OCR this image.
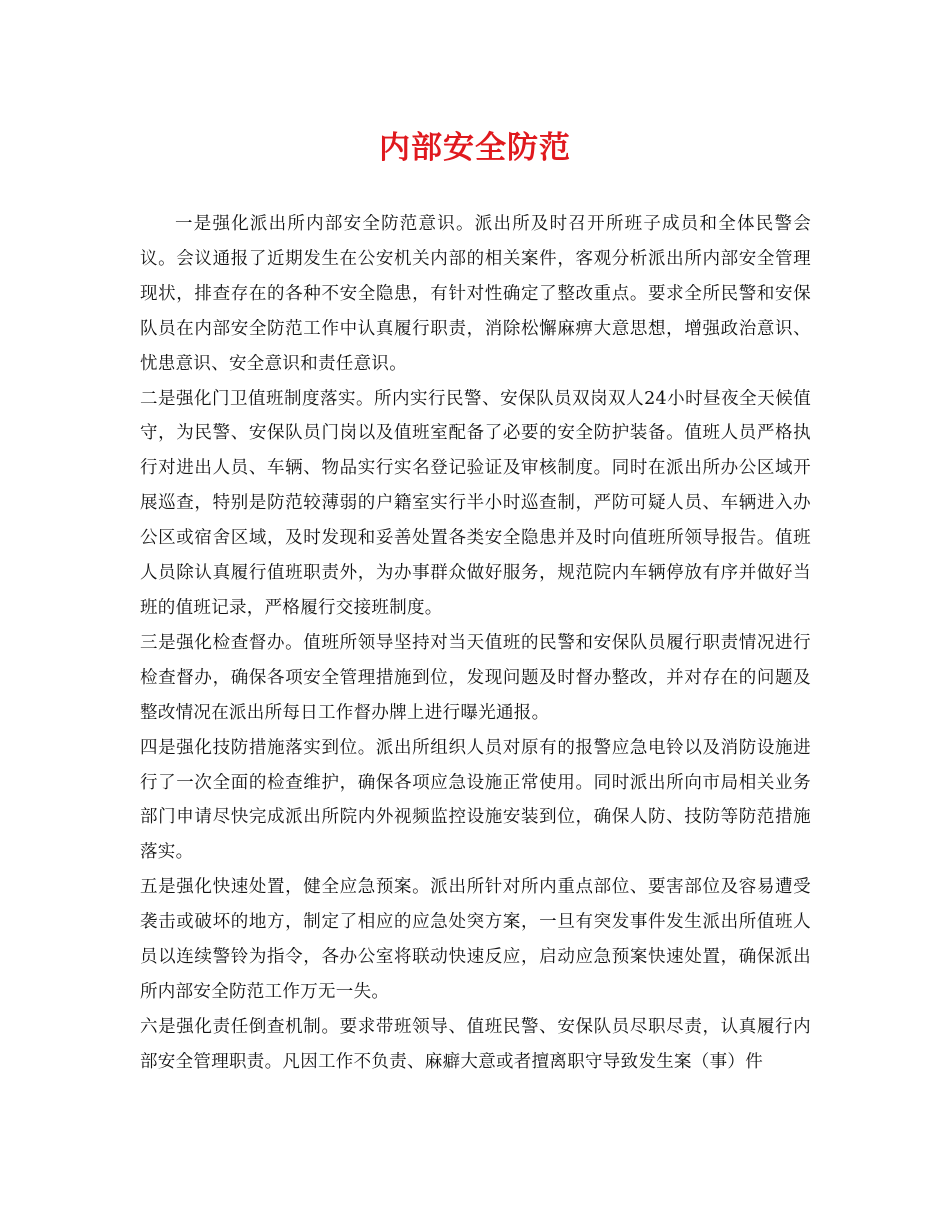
内部安全防范

一是强化派出所内部安全防范意识。派出所及时召开所班子成员和全体民警会议。会议通报了近期发生在公安机关内部的相关案件，客观分析派出所内部安全管理现状，排查存在的各种不安全隐患，有针对性确定了整改重点。要求全所民警和安保队员在内部安全防范工作中认真履行职责，消除松懈麻痹大意思想，增强政治意识、忧患意识、安全意识和责任意识。

二是强化门卫值班制度落实。所内实行民警、安保队员双岗双人24小时昼夜全天候值守，为民警、安保队员门岗以及值班室配备了必要的安全防护装备。值班人员严格执行对进出人员、车辆、物品实行实名登记验证及审核制度。同时在派出所办公区域开展巡查，特别是防范较薄弱的户籍室实行半小时巡查制，严防可疑人员、车辆进入办公区或宿舍区域，及时发现和妥善处置各类安全隐患并及时向值班所领导报告。值班人员除认真履行值班职责外，为办事群众做好服务，规范院内车辆停放有序并做好当班的值班记录，严格履行交接班制度。

三是强化检查督办。值班所领导坚持对当天值班的民警和安保队员履行职责情况进行检查督办，确保各项安全管理措施到位，发现问题及时督办整改，并对存在的问题及整改情况在派出所每日工作督办牌上进行曝光通报。

四是强化技防措施落实到位。派出所组织人员对原有的报警应急电铃以及消防设施进行了一次全面的检查维护，确保各项应急设施正常使用。同时派出所向市局相关业务部门申请尽快完成派出所院内外视频监控设施安装到位，确保人防、技防等防范措施落实。

五是强化快速处置，健全应急预案。派出所针对所内重点部位、要害部位及容易遭受袭击或破坏的地方，制定了相应的应急处突方案，一旦有突发事件发生派出所值班人员以连续警铃为指令，各办公室将联动快速反应，启动应急预案快速处置，确保派出所内部安全防范工作万无一失。

六是强化责任倒查机制。要求带班领导、值班民警、安保队员尽职尽责，认真履行内部安全管理职责。凡因工作不负责、麻癖大意或者擅离职守导致发生案（事）件
